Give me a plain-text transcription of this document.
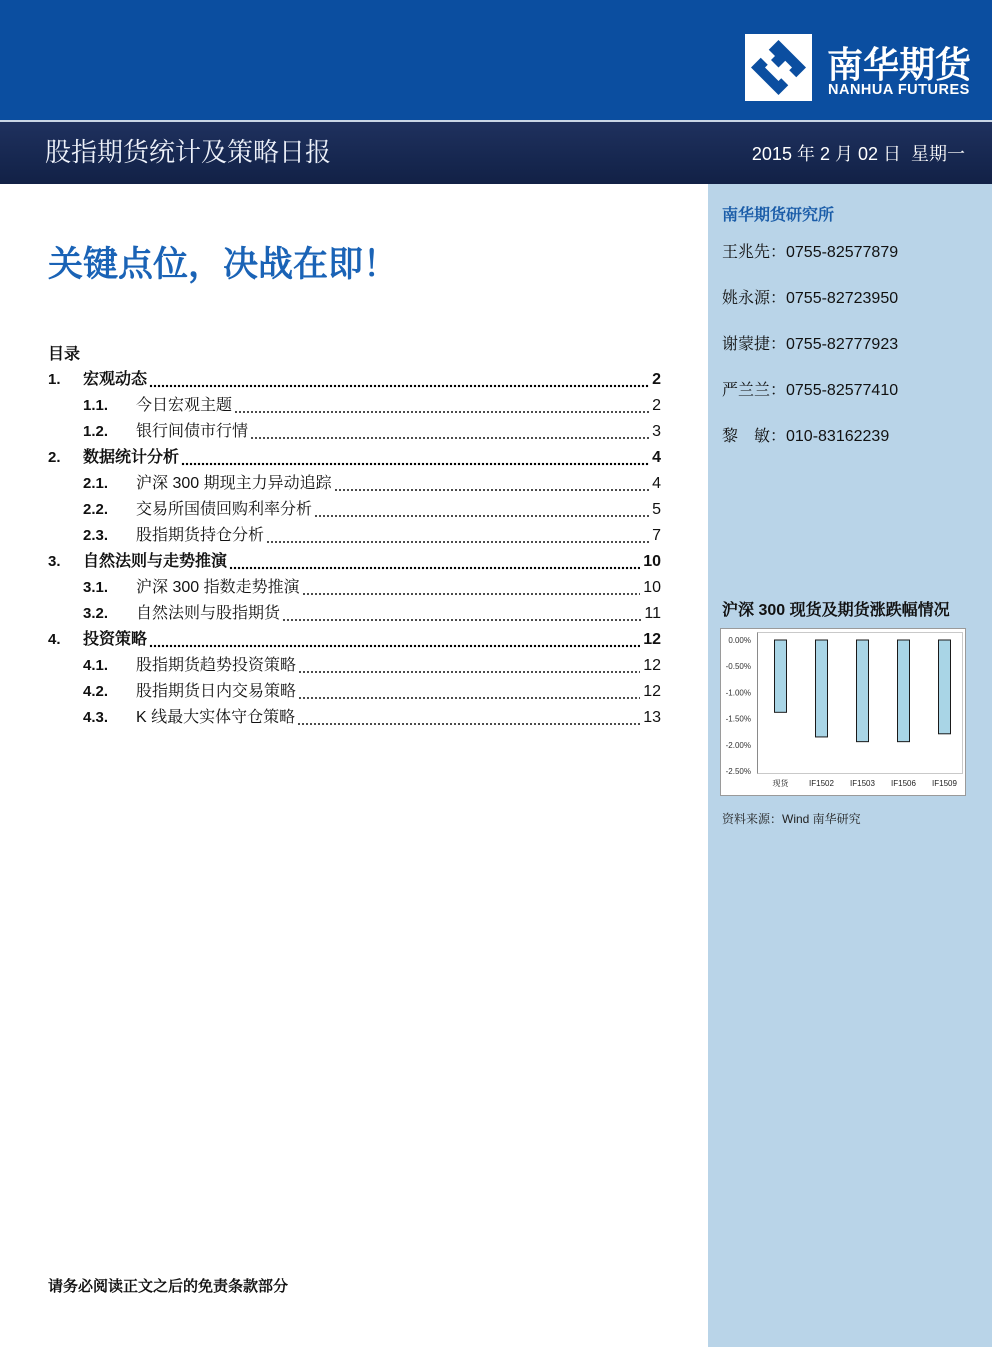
南华期货
NANHUA FUTURES
股指期货统计及策略日报	2015 年 2 月 02 日  星期一
关键点位，决战在即！
目录
1.	宏观动态	2
1.1.	今日宏观主题	2
1.2.	银行间债市行情	3
2.	数据统计分析	4
2.1.	沪深 300 期现主力异动追踪	4
2.2.	交易所国债回购利率分析	5
2.3.	股指期货持仓分析	7
3.	自然法则与走势推演	10
3.1.	沪深 300 指数走势推演	10
3.2.	自然法则与股指期货	11
4.	投资策略	12
4.1.	股指期货趋势投资策略	12
4.2.	股指期货日内交易策略	12
4.3.	K 线最大实体守仓策略	13
请务必阅读正文之后的免责条款部分
南华期货研究所
王兆先：0755-82577879
姚永源：0755-82723950
谢蒙捷：0755-82777923
严兰兰：0755-82577410
黎　敏：010-83162239
沪深 300 现货及期货涨跌幅情况
0.00%
-0.50%
-1.00%
-1.50%
-2.00%
-2.50%
现货	IF1502 IF1503 IF1506 IF1509
资料来源：Wind 南华研究
